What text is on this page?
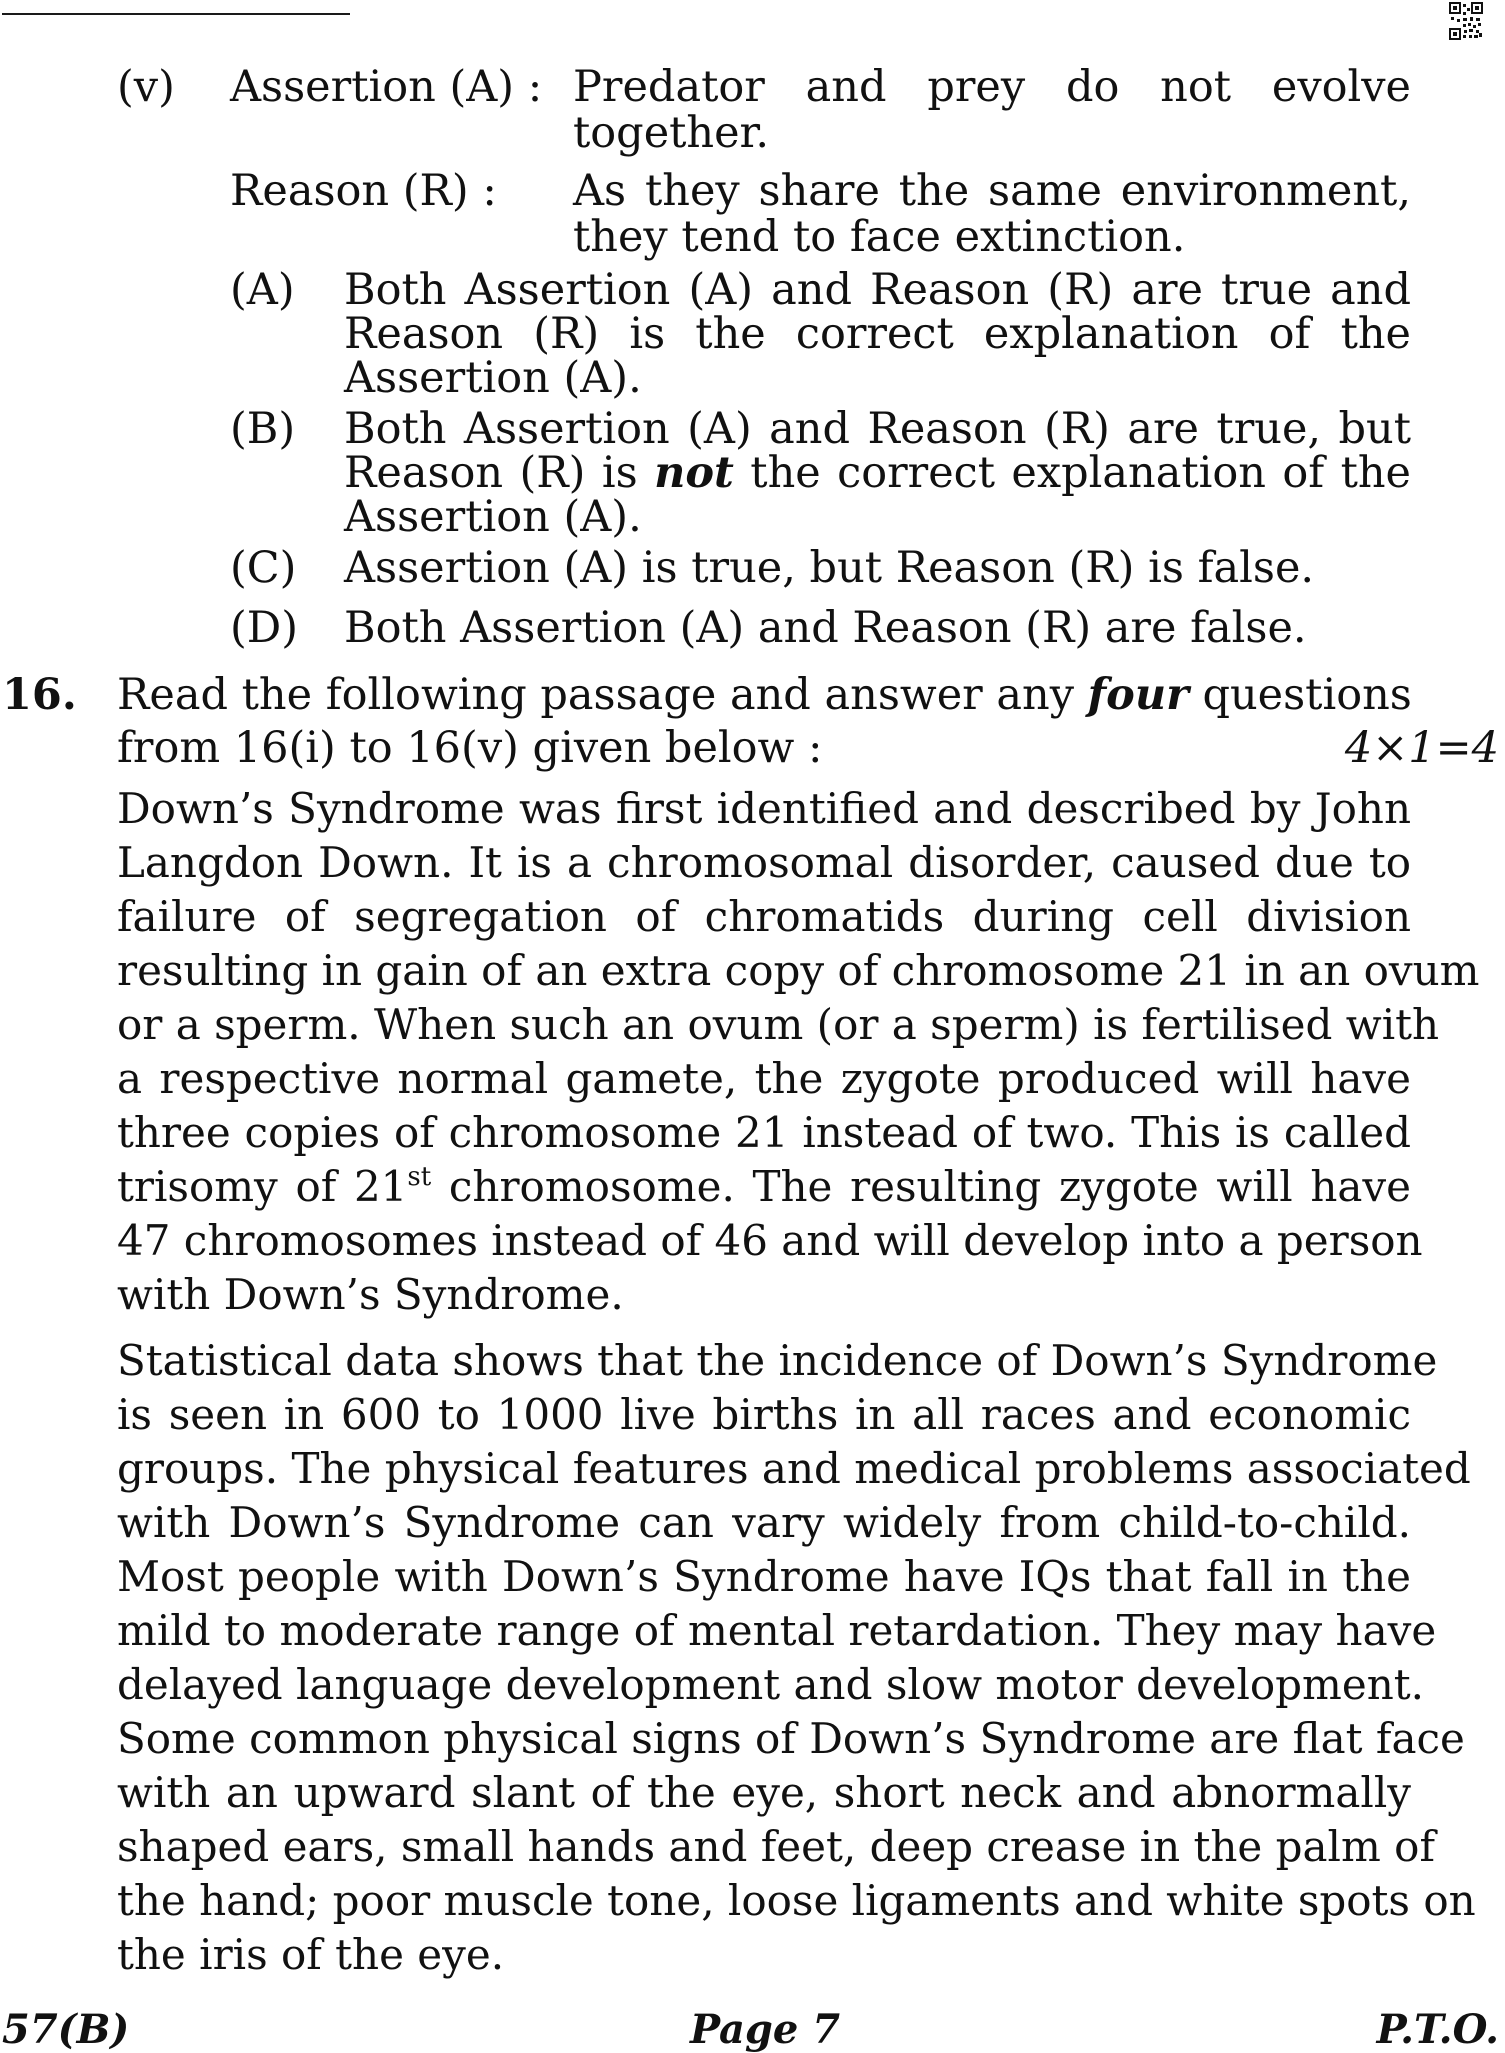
(v) Assertion (A) : Predator and prey do not evolve
together.
Reason (R) : As they share the same environment,
they tend to face extinction.
(A) Both Assertion (A) and Reason (R) are true and
Reason (R) is the correct explanation of the
Assertion (A).
(B) Both Assertion (A) and Reason (R) are true, but
Reason (R) is not the correct explanation of the
Assertion (A).
(C) Assertion (A) is true, but Reason (R) is false.
(D) Both Assertion (A) and Reason (R) are false.
16. Read the following passage and answer any four questions
from 16(i) to 16(v) given below :	4×1=4
Down’s Syndrome was first identified and described by John
Langdon Down. It is a chromosomal disorder, caused due to
failure of segregation of chromatids during cell division
resulting in gain of an extra copy of chromosome 21 in an ovum
or a sperm. When such an ovum (or a sperm) is fertilised with
a respective normal gamete, the zygote produced will have
three copies of chromosome 21 instead of two. This is called
trisomy of 21st chromosome. The resulting zygote will have
47 chromosomes instead of 46 and will develop into a person
with Down’s Syndrome.
Statistical data shows that the incidence of Down’s Syndrome
is seen in 600 to 1000 live births in all races and economic
groups. The physical features and medical problems associated
with Down’s Syndrome can vary widely from child-to-child.
Most people with Down’s Syndrome have IQs that fall in the
mild to moderate range of mental retardation. They may have
delayed language development and slow motor development.
Some common physical signs of Down’s Syndrome are flat face
with an upward slant of the eye, short neck and abnormally
shaped ears, small hands and feet, deep crease in the palm of
the hand; poor muscle tone, loose ligaments and white spots on
the iris of the eye.
57(B)	Page 7	P.T.O.
